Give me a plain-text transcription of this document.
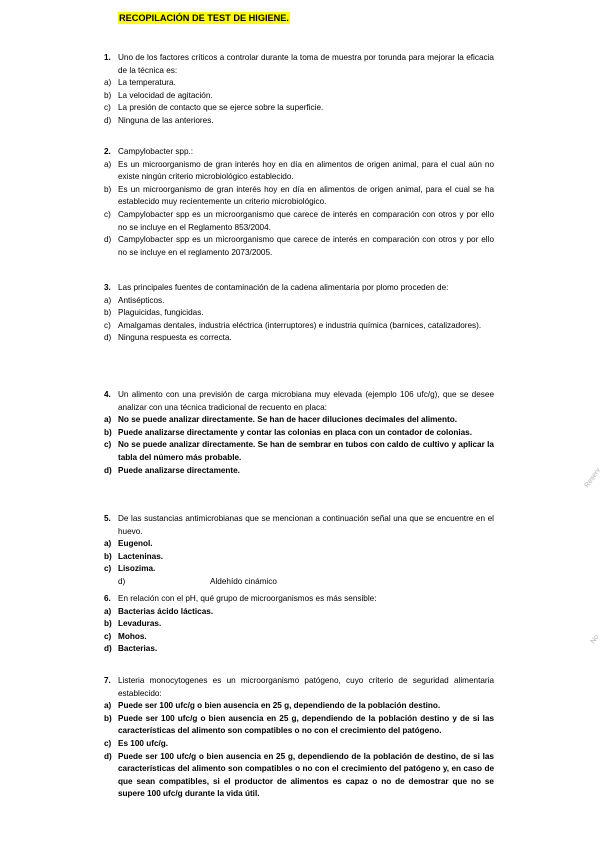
RECOPILACIÓN DE TEST DE HIGIENE.
1. Uno de los factores críticos a controlar durante la toma de muestra por torunda para mejorar la eficacia de la técnica es:
a) La temperatura.
b) La velocidad de agitación.
c) La presión de contacto que se ejerce sobre la superficie.
d) Ninguna de las anteriores.
2. Campylobacter spp.:
a) Es un microorganismo de gran interés hoy en día en alimentos de origen animal, para el cual aún no existe ningún criterio microbiológico establecido.
b) Es un microorganismo de gran interés hoy en día en alimentos de origen animal, para el cual se ha establecido muy recientemente un criterio microbiológico.
c) Campylobacter spp es un microorganismo que carece de interés en comparación con otros y por ello no se incluye en el Reglamento 853/2004.
d) Campylobacter spp es un microorganismo que carece de interés en comparación con otros y por ello no se incluye en el reglamento 2073/2005.
3. Las principales fuentes de contaminación de la cadena alimentaria por plomo proceden de:
a) Antisépticos.
b) Plaguicidas, fungicidas.
c) Amalgamas dentales, industria eléctrica (interruptores) e industria química (barnices, catalizadores).
d) Ninguna respuesta es correcta.
4. Un alimento con una previsión de carga microbiana muy elevada (ejemplo 106 ufc/g), que se desee analizar con una técnica tradicional de recuento en placa:
a) No se puede analizar directamente. Se han de hacer diluciones decimales del alimento.
b) Puede analizarse directamente y contar las colonias en placa con un contador de colonias.
c) No se puede analizar directamente. Se han de sembrar en tubos con caldo de cultivo y aplicar la tabla del número más probable.
d) Puede analizarse directamente.
5. De las sustancias antimicrobianas que se mencionan a continuación señal una que se encuentre en el huevo.
a) Eugenol.
b) Lacteninas.
c) Lisozima.
d)	Aldehído cinámico
6. En relación con el pH, qué grupo de microorganismos es más sensible:
a) Bacterias ácido lácticas.
b) Levaduras.
c) Mohos.
d) Bacterias.
7. Listeria monocytogenes es un microorganismo patógeno, cuyo criterio de seguridad alimentaria establecido:
a) Puede ser 100 ufc/g o bien ausencia en 25 g, dependiendo de la población destino.
b) Puede ser 100 ufc/g o bien ausencia en 25 g, dependiendo de la población destino y de si las características del alimento son compatibles o no con el crecimiento del patógeno.
c) Es 100 ufc/g.
d) Puede ser 100 ufc/g o bien ausencia en 25 g, dependiendo de la población de destino, de si las características del alimento son compatibles o no con el crecimiento del patógeno y, en caso de que sean compatibles, si el productor de alimentos es capaz o no de demostrar que no se supere 100 ufc/g durante la vida útil.
Reserv
No
